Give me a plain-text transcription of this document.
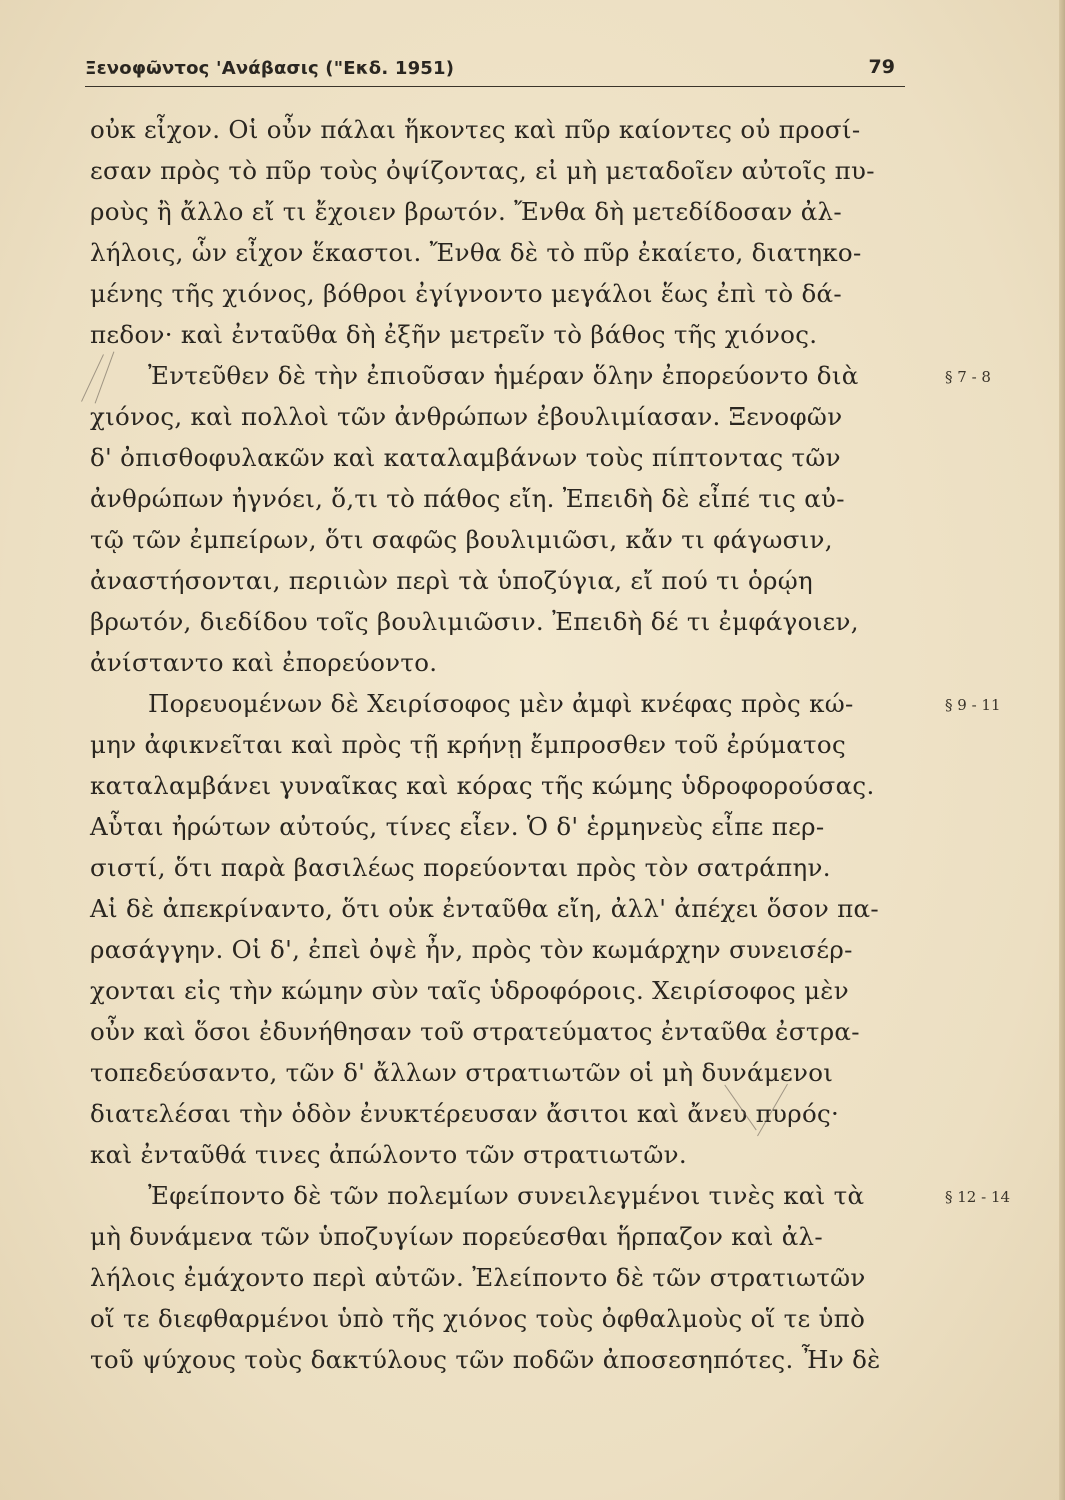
Ξενοφῶντος 'Ανάβασις ("Εκδ. 1951)	79
οὐκ εἶχον. Οἱ οὖν πάλαι ἥκοντες καὶ πῦρ καίοντες οὐ προσί-
εσαν πρὸς τὸ πῦρ τοὺς ὀψίζοντας, εἰ μὴ μεταδοῖεν αὐτοῖς πυ-
ροὺς ἢ ἄλλο εἴ τι ἔχοιεν βρωτόν. Ἔνθα δὴ μετεδίδοσαν ἀλ-
λήλοις, ὧν εἶχον ἕκαστοι. Ἔνθα δὲ τὸ πῦρ ἐκαίετο, διατηκο-
μένης τῆς χιόνος, βόθροι ἐγίγνοντο μεγάλοι ἕως ἐπὶ τὸ δά-
πεδον· καὶ ἐνταῦθα δὴ ἐξῆν μετρεῖν τὸ βάθος τῆς χιόνος.
Ἐντεῦθεν δὲ τὴν ἐπιοῦσαν ἡμέραν ὅλην ἐπορεύοντο διὰ
χιόνος, καὶ πολλοὶ τῶν ἀνθρώπων ἐβουλιμίασαν. Ξενοφῶν
δ' ὀπισθοφυλακῶν καὶ καταλαμβάνων τοὺς πίπτοντας τῶν
ἀνθρώπων ἠγνόει, ὅ,τι τὸ πάθος εἴη. Ἐπειδὴ δὲ εἶπέ τις αὐ-
τῷ τῶν ἐμπείρων, ὅτι σαφῶς βουλιμιῶσι, κἄν τι φάγωσιν,
ἀναστήσονται, περιιὼν περὶ τὰ ὑποζύγια, εἴ πού τι ὁρῴη
βρωτόν, διεδίδου τοῖς βουλιμιῶσιν. Ἐπειδὴ δέ τι ἐμφάγοιεν,
ἀνίσταντο καὶ ἐπορεύοντο.
Πορευομένων δὲ Χειρίσοφος μὲν ἀμφὶ κνέφας πρὸς κώ-
μην ἀφικνεῖται καὶ πρὸς τῇ κρήνῃ ἔμπροσθεν τοῦ ἐρύματος
καταλαμβάνει γυναῖκας καὶ κόρας τῆς κώμης ὑδροφορούσας.
Αὗται ἠρώτων αὐτούς, τίνες εἶεν. Ὁ δ' ἑρμηνεὺς εἶπε περ-
σιστί, ὅτι παρὰ βασιλέως πορεύονται πρὸς τὸν σατράπην.
Αἱ δὲ ἀπεκρίναντο, ὅτι οὐκ ἐνταῦθα εἴη, ἀλλ' ἀπέχει ὅσον πα-
ρασάγγην. Οἱ δ', ἐπεὶ ὀψὲ ἦν, πρὸς τὸν κωμάρχην συνεισέρ-
χονται εἰς τὴν κώμην σὺν ταῖς ὑδροφόροις. Χειρίσοφος μὲν
οὖν καὶ ὅσοι ἐδυνήθησαν τοῦ στρατεύματος ἐνταῦθα ἐστρα-
τοπεδεύσαντο, τῶν δ' ἄλλων στρατιωτῶν οἱ μὴ δυνάμενοι
διατελέσαι τὴν ὁδὸν ἐνυκτέρευσαν ἄσιτοι καὶ ἄνευ πυρός·
καὶ ἐνταῦθά τινες ἀπώλοντο τῶν στρατιωτῶν.
Ἐφείποντο δὲ τῶν πολεμίων συνειλεγμένοι τινὲς καὶ τὰ
μὴ δυνάμενα τῶν ὑποζυγίων πορεύεσθαι ἥρπαζον καὶ ἀλ-
λήλοις ἐμάχοντο περὶ αὐτῶν. Ἐλείποντο δὲ τῶν στρατιωτῶν
οἵ τε διεφθαρμένοι ὑπὸ τῆς χιόνος τοὺς ὀφθαλμοὺς οἵ τε ὑπὸ
τοῦ ψύχους τοὺς δακτύλους τῶν ποδῶν ἀποσεσηπότες. Ἦν δὲ
§ 7 - 8
§ 9 - 11
§ 12 - 14
